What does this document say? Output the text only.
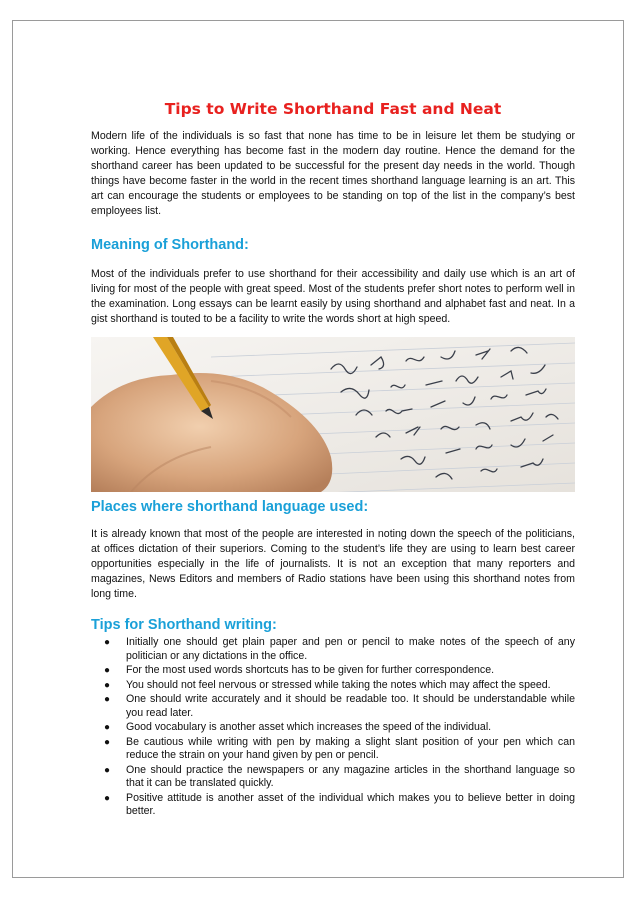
Tips to Write Shorthand Fast and Neat

Modern life of the individuals is so fast that none has time to be in leisure let them be studying or working. Hence everything has become fast in the modern day routine. Hence the demand for the shorthand career has been updated to be successful for the present day needs in the world. Though things have become faster in the world in the recent times shorthand language learning is an art. This art can encourage the students or employees to be standing on top of the list in the company’s best employees list.

Meaning of Shorthand:

Most of the individuals prefer to use shorthand for their accessibility and daily use which is an art of living for most of the people with great speed. Most of the students prefer short notes to perform well in the examination. Long essays can be learnt easily by using shorthand and alphabet fast and neat. In a gist shorthand is touted to be a facility to write the words short at high speed.

Places where shorthand language used:

It is already known that most of the people are interested in noting down the speech of the politicians, at offices dictation of their superiors. Coming to the student’s life they are using to learn best career opportunities especially in the life of journalists. It is not an exception that many reporters and magazines, News Editors and members of Radio stations have been using this shorthand notes from long time.

Tips for Shorthand writing:
● Initially one should get plain paper and pen or pencil to make notes of the speech of any politician or any dictations in the office.
● For the most used words shortcuts has to be given for further correspondence.
● You should not feel nervous or stressed while taking the notes which may affect the speed.
● One should write accurately and it should be readable too. It should be understandable while you read later.
● Good vocabulary is another asset which increases the speed of the individual.
● Be cautious while writing with pen by making a slight slant position of your pen which can reduce the strain on your hand given by pen or pencil.
● One should practice the newspapers or any magazine articles in the shorthand language so that it can be translated quickly.
● Positive attitude is another asset of the individual which makes you to believe better in doing better.
